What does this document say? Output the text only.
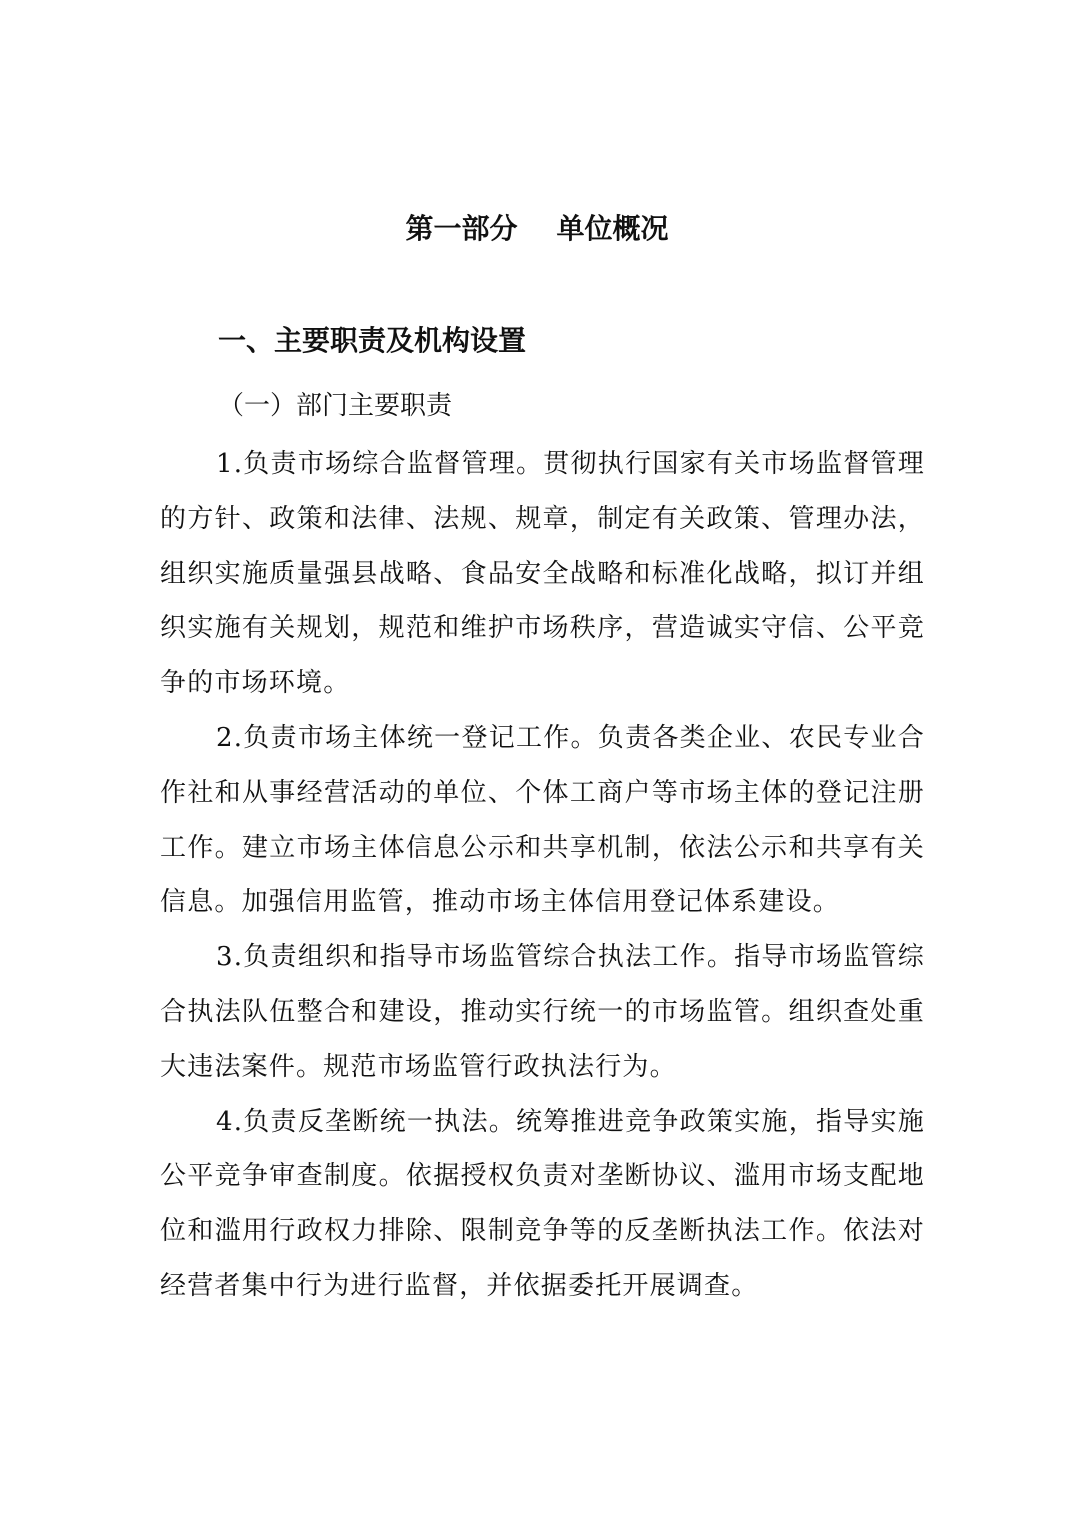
第一部分    单位概况
一、主要职责及机构设置
（一）部门主要职责

1.负责市场综合监督管理。贯彻执行国家有关市场监督管理的方针、政策和法律、法规、规章，制定有关政策、管理办法，组织实施质量强县战略、食品安全战略和标准化战略，拟订并组织实施有关规划，规范和维护市场秩序，营造诚实守信、公平竞争的市场环境。

2.负责市场主体统一登记工作。负责各类企业、农民专业合作社和从事经营活动的单位、个体工商户等市场主体的登记注册工作。建立市场主体信息公示和共享机制，依法公示和共享有关信息。加强信用监管，推动市场主体信用登记体系建设。

3.负责组织和指导市场监管综合执法工作。指导市场监管综合执法队伍整合和建设，推动实行统一的市场监管。组织查处重大违法案件。规范市场监管行政执法行为。

4.负责反垄断统一执法。统筹推进竞争政策实施，指导实施公平竞争审查制度。依据授权负责对垄断协议、滥用市场支配地位和滥用行政权力排除、限制竞争等的反垄断执法工作。依法对经营者集中行为进行监督，并依据委托开展调查。
